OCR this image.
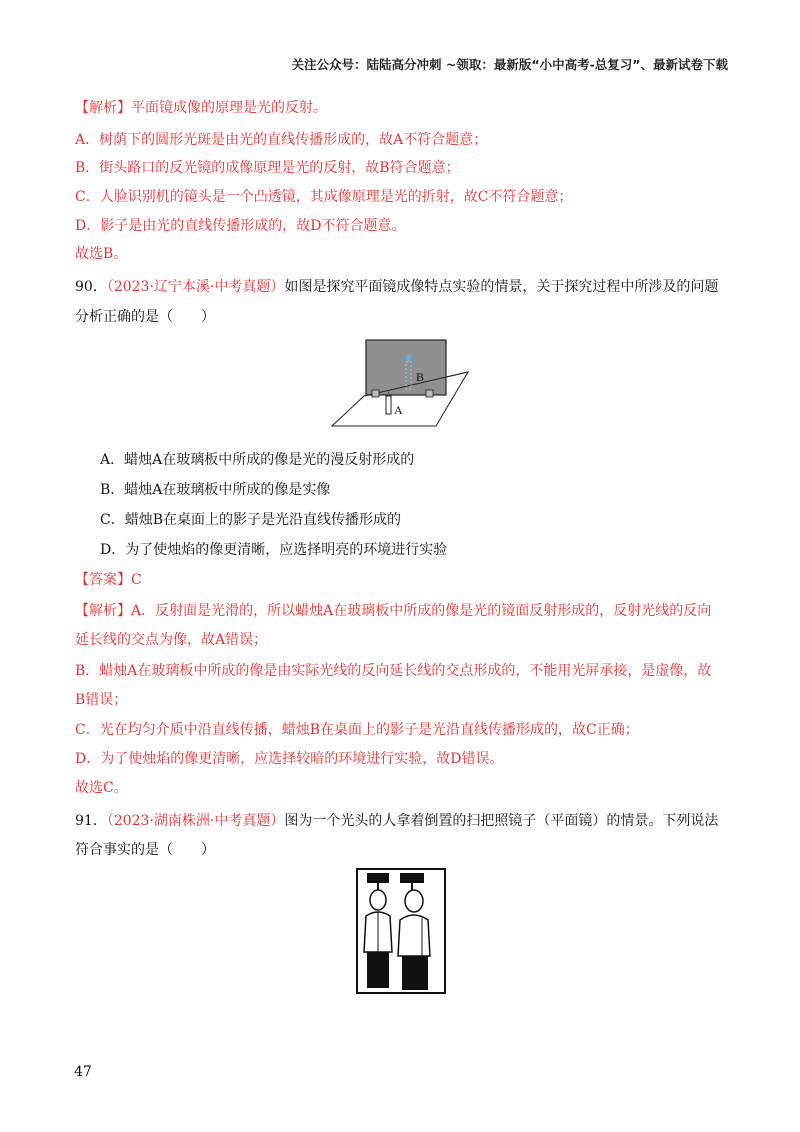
关注公众号：陆陆高分冲刺 ~领取：最新版“小中高考-总复习”、最新试卷下载
【解析】平面镜成像的原理是光的反射。
A．树荫下的圆形光斑是由光的直线传播形成的，故A不符合题意；
B．街头路口的反光镜的成像原理是光的反射，故B符合题意；
C．人脸识别机的镜头是一个凸透镜，其成像原理是光的折射，故C不符合题意；
D．影子是由光的直线传播形成的，故D不符合题意。
故选B。
90．（2023·辽宁本溪·中考真题）如图是探究平面镜成像特点实验的情景，关于探究过程中所涉及的问题
分析正确的是（　　）
B
A
A．蜡烛A在玻璃板中所成的像是光的漫反射形成的
B．蜡烛A在玻璃板中所成的像是实像
C．蜡烛B在桌面上的影子是光沿直线传播形成的
D．为了使烛焰的像更清晰，应选择明亮的环境进行实验
【答案】C
【解析】A．反射面是光滑的，所以蜡烛A在玻璃板中所成的像是光的镜面反射形成的，反射光线的反向
延长线的交点为像，故A错误；
B．蜡烛A在玻璃板中所成的像是由实际光线的反向延长线的交点形成的，不能用光屏承接，是虚像，故
B错误；
C．光在均匀介质中沿直线传播，蜡烛B在桌面上的影子是光沿直线传播形成的，故C正确；
D．为了使烛焰的像更清晰，应选择较暗的环境进行实验，故D错误。
故选C。
91．（2023·湖南株洲·中考真题）图为一个光头的人拿着倒置的扫把照镜子（平面镜）的情景。下列说法
符合事实的是（　　）
47
